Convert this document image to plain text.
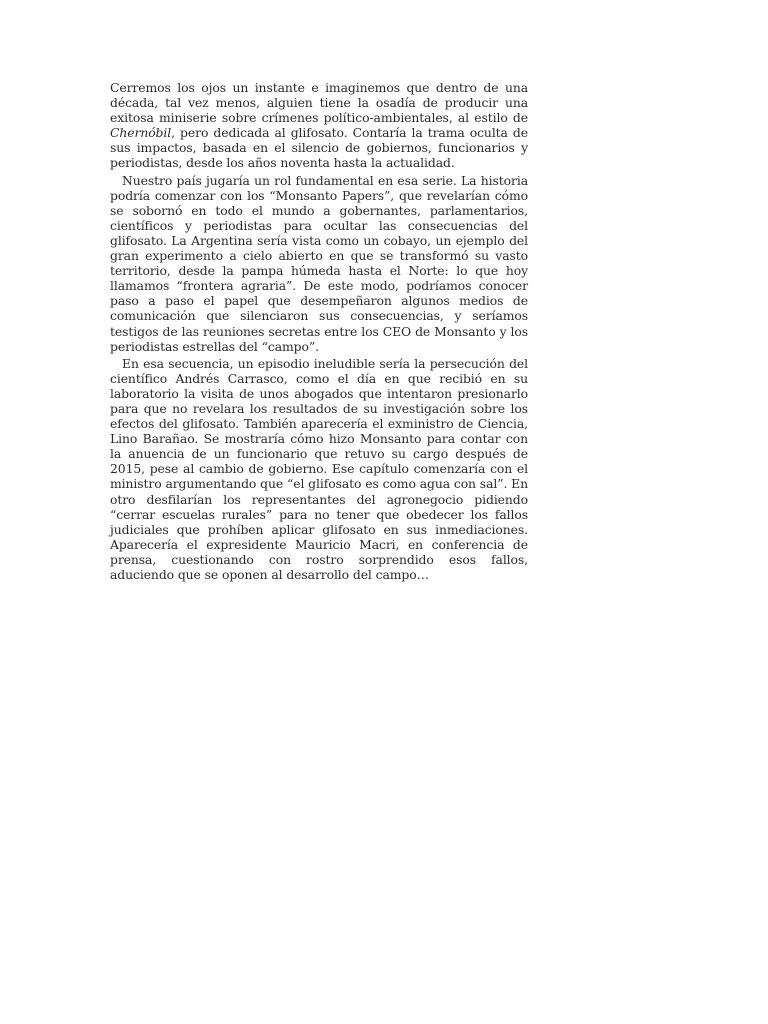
Cerremos los ojos un instante e imaginemos que dentro de una década, tal vez menos, alguien tiene la osadía de producir una exitosa miniserie sobre crímenes político-ambientales, al estilo de Chernóbil, pero dedicada al glifosato. Contaría la trama oculta de sus impactos, basada en el silencio de gobiernos, funcionarios y periodistas, desde los años noventa hasta la actualidad.

Nuestro país jugaría un rol fundamental en esa serie. La historia podría comenzar con los “Monsanto Papers”, que revelarían cómo se sobornó en todo el mundo a gobernantes, parlamentarios, científicos y periodistas para ocultar las consecuencias del glifosato. La Argentina sería vista como un cobayo, un ejemplo del gran experimento a cielo abierto en que se transformó su vasto territorio, desde la pampa húmeda hasta el Norte: lo que hoy llamamos “frontera agraria”. De este modo, podríamos conocer paso a paso el papel que desempeñaron algunos medios de comunicación que silenciaron sus consecuencias, y seríamos testigos de las reuniones secretas entre los CEO de Monsanto y los periodistas estrellas del “campo”.

En esa secuencia, un episodio ineludible sería la persecución del científico Andrés Carrasco, como el día en que recibió en su laboratorio la visita de unos abogados que intentaron presionarlo para que no revelara los resultados de su investigación sobre los efectos del glifosato. También aparecería el exministro de Ciencia, Lino Barañao. Se mostraría cómo hizo Monsanto para contar con la anuencia de un funcionario que retuvo su cargo después de 2015, pese al cambio de gobierno. Ese capítulo comenzaría con el ministro argumentando que “el glifosato es como agua con sal”. En otro desfilarían los representantes del agronegocio pidiendo “cerrar escuelas rurales” para no tener que obedecer los fallos judiciales que prohíben aplicar glifosato en sus inmediaciones. Aparecería el expresidente Mauricio Macri, en conferencia de prensa, cuestionando con rostro sorprendido esos fallos, aduciendo que se oponen al desarrollo del campo…
